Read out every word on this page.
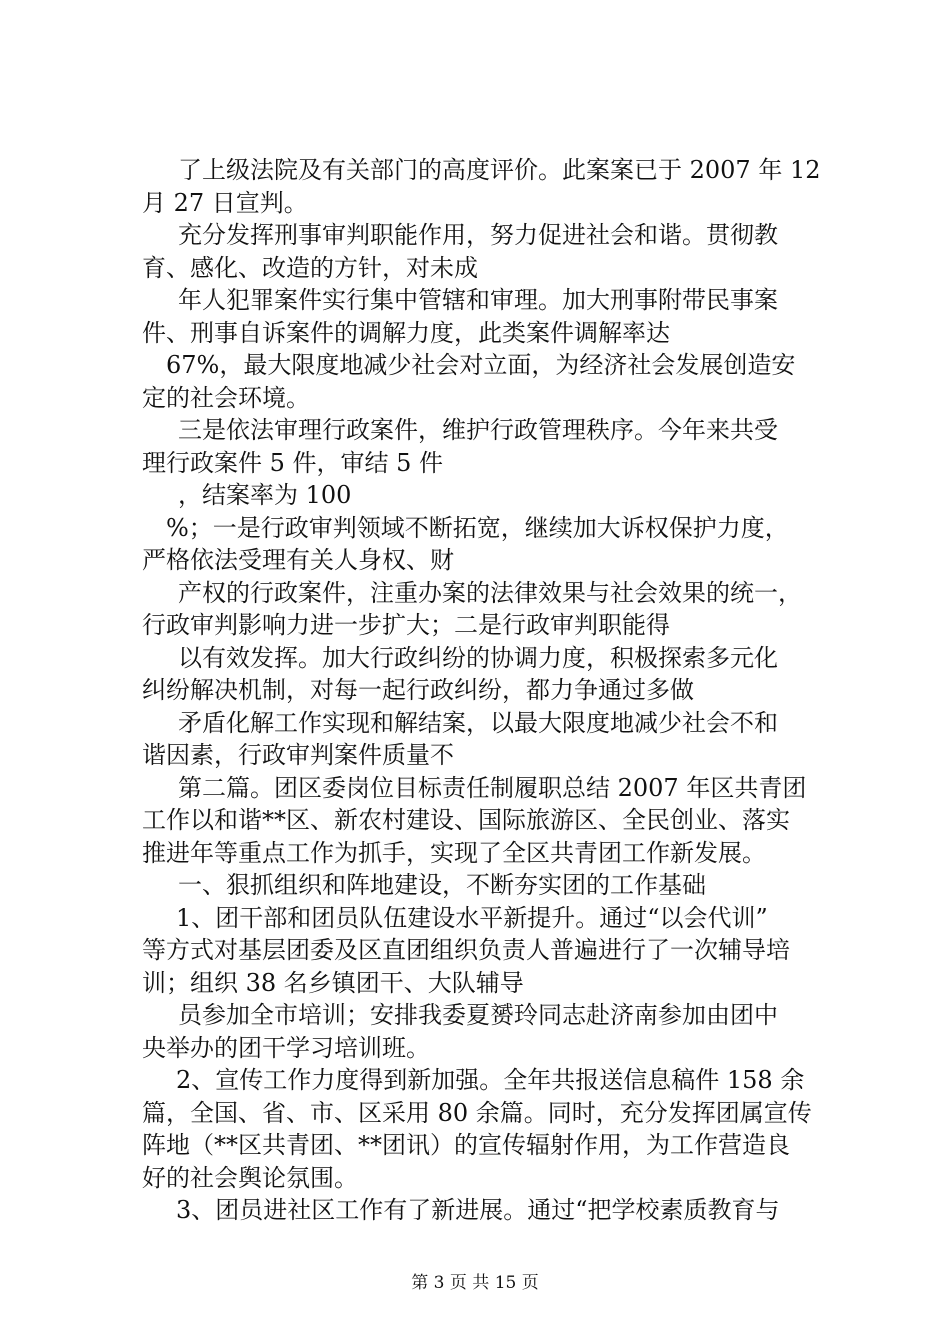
了上级法院及有关部门的高度评价。此案案已于 2007 年 12
月 27 日宣判。
充分发挥刑事审判职能作用，努力促进社会和谐。贯彻教
育、感化、改造的方针，对未成
年人犯罪案件实行集中管辖和审理。加大刑事附带民事案
件、刑事自诉案件的调解力度，此类案件调解率达
67%，最大限度地减少社会对立面，为经济社会发展创造安
定的社会环境。
三是依法审理行政案件，维护行政管理秩序。今年来共受
理行政案件 5 件，审结 5 件
，结案率为 100
%；一是行政审判领域不断拓宽，继续加大诉权保护力度，
严格依法受理有关人身权、财
产权的行政案件，注重办案的法律效果与社会效果的统一，
行政审判影响力进一步扩大；二是行政审判职能得
以有效发挥。加大行政纠纷的协调力度，积极探索多元化
纠纷解决机制，对每一起行政纠纷，都力争通过多做
矛盾化解工作实现和解结案，以最大限度地减少社会不和
谐因素，行政审判案件质量不
第二篇。团区委岗位目标责任制履职总结 2007 年区共青团
工作以和谐**区、新农村建设、国际旅游区、全民创业、落实
推进年等重点工作为抓手，实现了全区共青团工作新发展。
一、狠抓组织和阵地建设，不断夯实团的工作基础
1、团干部和团员队伍建设水平新提升。通过“以会代训”
等方式对基层团委及区直团组织负责人普遍进行了一次辅导培
训；组织 38 名乡镇团干、大队辅导
员参加全市培训；安排我委夏赟玲同志赴济南参加由团中
央举办的团干学习培训班。
2、宣传工作力度得到新加强。全年共报送信息稿件 158 余
篇，全国、省、市、区采用 80 余篇。同时，充分发挥团属宣传
阵地（**区共青团、**团讯）的宣传辐射作用，为工作营造良
好的社会舆论氛围。
3、团员进社区工作有了新进展。通过“把学校素质教育与
第 3 页 共 15 页
